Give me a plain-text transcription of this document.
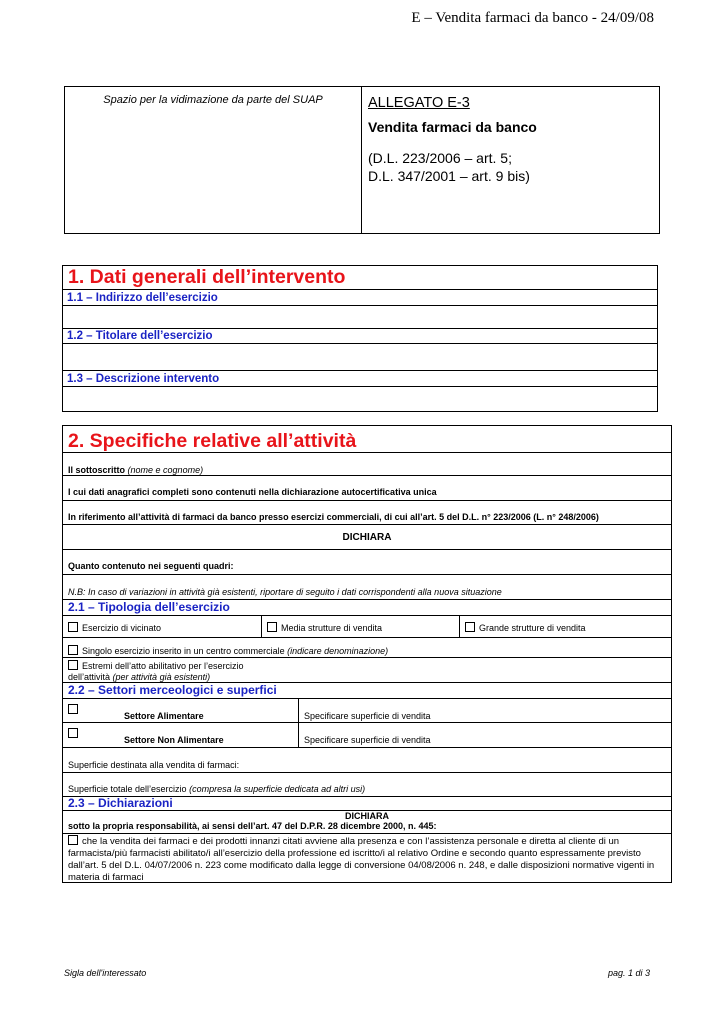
E – Vendita farmaci da banco - 24/09/08
Spazio per la vidimazione da parte del SUAP	ALLEGATO E-3
Vendita farmaci da banco
(D.L. 223/2006 – art. 5;
D.L. 347/2001 – art. 9 bis)
1. Dati generali dell’intervento
1.1 – Indirizzo dell’esercizio
1.2 – Titolare dell’esercizio
1.3 – Descrizione intervento
2. Specifiche relative all’attività
Il sottoscritto (nome e cognome)
I cui dati anagrafici completi sono contenuti nella dichiarazione autocertificativa unica
In riferimento all’attività di farmaci da banco presso esercizi commerciali, di cui all’art. 5 del D.L. n° 223/2006 (L. n° 248/2006)
DICHIARA
Quanto contenuto nei seguenti quadri:
N.B: In caso di variazioni in attività già esistenti, riportare di seguito i dati corrispondenti alla nuova situazione
2.1 – Tipologia dell’esercizio
Esercizio di vicinato	Media strutture di vendita	Grande strutture di vendita
Singolo esercizio inserito in un centro commerciale (indicare denominazione)
Estremi dell’atto abilitativo per l’esercizio
dell’attività (per attività già esistenti)
2.2 – Settori merceologici e superfici
Settore Alimentare	Specificare superficie di vendita
Settore Non Alimentare	Specificare superficie di vendita
Superficie destinata alla vendita di farmaci:
Superficie totale dell’esercizio (compresa la superficie dedicata ad altri usi)
2.3 – Dichiarazioni
DICHIARA
sotto la propria responsabilità, ai sensi dell’art. 47 del D.P.R. 28 dicembre 2000, n. 445:
che la vendita dei farmaci e dei prodotti innanzi citati avviene alla presenza e con l’assistenza personale e diretta al cliente di un farmacista/più farmacisti abilitato/i all’esercizio della professione ed iscritto/i al relativo Ordine e secondo quanto espressamente previsto dall’art. 5 del D.L. 04/07/2006 n. 223 come modificato dalla legge di conversione 04/08/2006 n. 248, e dalle disposizioni normative vigenti in materia di farmaci
Sigla dell'interessato	pag. 1 di 3
